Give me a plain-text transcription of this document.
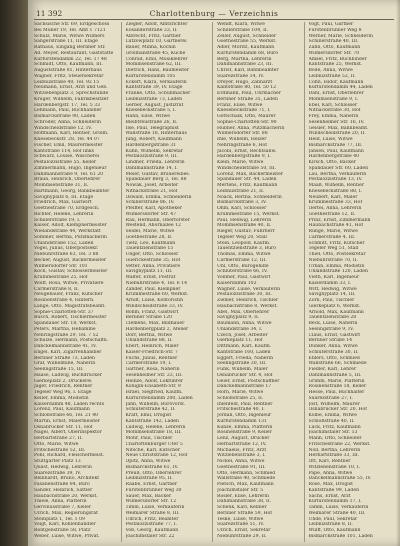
11 392	Charlottenburg — Verzeichnis
Sächsische Str. 69, Erdgeschoss
Bei Müller 19, Tel. Amt 1 7121
Schulz, Marie, Witwe Wilmers
Sängerstraße 11, III. Etage
Rathaus, Eingang Berliner Str.
Ad. Meyer, Restaurant, Gaststätte
Kurfürstendamm 22, Tel. 17 48
Schmidt, Otto, Kaufmann, III.
Auguststraße 81, Hinterhaus
Wagner, Fritz, Steuersekretär
Leibnizstraße 40, Tel. 92 15
Neumann, Ernst, Arzt und Geb.
Witzlebenplatz 3, Sprechstunde
Krüger, Wilhelm, Fabrikbesitzer
Hardenbergstr. 17, Tel. 5 33
Lehmann, Paul, Buchhändler
Bismarckstraße 90, Laden
Schröder, Anna, Schneiderin
Windscheidstraße 12, IV.
Hoffmann, Karl, Rentier, Grolm.
Knesebeckstr. 28, Tel. 44 07
Fischer, Emil, Maurermeister
Kantstraße 114, Hof links
Schwarz, Louise, Wäscherei
Pestalozzistraße 55, Keller
Zimmermann, Hugo, Ingenieur
Dahlmannstraße 9, Tel. 61 20
Braun, Heinrich, Oberlehrer
Mommsenstraße 31, II.
Hartmann, Georg, Bankbeamter
Savignyplatz 6, III. Etage
Friedrich, Max, Gastwirt
Goethestraße 70, Erdgesch.
Richter, Helene, Lehrerin
Schillerstraße 19, I.
Kaiser, Adolf, Klempnermeister
Wielandstraße 44, Werkstatt
Sommer, Bertha, Putzmacherin
Uhlandstraße 152, Laden
Vogel, Julius, Oberpostsekr.
Niebuhrstraße 63, Tel. 3 88
Becker, August, Bäckermeister
Wilmersdorfer Str. 101
Koch, Gustav, Schlossermeister
Krummestraße 25, Hof
Wolff, Rosa, Witwe, Privatiere
Carmerstraße 8, II.
Neugebauer, Franz, Kutscher
Rosinenstraße 4, Hinterh.
Lange, Otto, Magistratsbeamt.
Sophie-Charlotten-Str. 37
Busch, Robert, Tischlermeister
Spandauer Str. 18, Werkst.
Peters, Martha, Hebamme
Nehringstraße 29, Tel. 7 52
Schulze, Hermann, Postschaffn.
Danckelmannstraße 41, IV.
Engel, Karl, Zigarrenhändler
Berliner Straße 73, Laden
Graf, Wilhelmine, Näherin
Seelingstraße 15, III.
Haase, Ludwig, Buchdrucker
Gierkeplatz 2, Druckerei
Jäger, Friedrich, Rentner
Tegeler Weg 96, I. Etage
Keller, Emma, Modistin
Kaiserdamm 48, Laden rechts
Lorenz, Paul, Kaufmann
Schloßstraße 66, Tel. 21 40
Martin, Ernst, Malermeister
Osnabrücker Str. 11, Hof
Nagel, Albert, Oberinspektor
Herbartstraße 27, II.
Otto, Marie, Witwe
Fritschestraße 52, III.
Pohl, Richard, Fleischermeist.
Stuttgarter Platz 13
Quast, Hedwig, Lehrerin
Suarezstraße 39, IV.
Reinhardt, Bruno, Architekt
Fasanenstraße 84, Büro
Sander, Heinrich, Sattler
Haubachstraße 20, Werkst.
Thiele, Anna, Plätterin
Gervinusstraße 7, Keller
Ulrich, Max, Regierungsrat
Steinplatz 1, Tel. 1 09
Voigt, Karl, Kohlenhändler
Röntgenstraße 58, Platz
Weber, Luise, Witwe, Privat.
Ziegler, Adolf, Amtsrichter
Eosanderstraße 33, II.
Albrecht, Fritz, Gärtner
Lützowplatz 10, Gärtnerei
Bauer, Minna, Köchin
Grolmanstraße 45, Küche
Conrad, Emil, Musiklehrer
Mommsenstraße 62, III.
Dietrich, Hans, Baumeister
Kurfürstendamm 105
Eckert, Klara, Verkäuferin
Kantstraße 39, IV. Etage
Franke, Otto, Schuhmacher
Leibnizstraße 73, Laden
Gerber, August, Justizrat
Knesebeckstraße 5, I.
Hahn, Elise, Witwe
Bleibtreustraße 26, II.
Ilse, Paul, Telegraphist
Wallstraße 18, Hinterhaus
Jung, Robert, Kaufmann
Hardenbergstraße 31
Kühn, Wilhelm, Sekretär
Pestalozzistraße 9, III.
Lindner, Frieda, Lehrerin
Dahlmannstraße 14, I.
Meier, Gustav, Brauereibes.
Spandauer Berg 3, Tel. 88
Nowak, Josef, Arbeiter
Nithackstraße 21, Hof
Oswald, Emma, Schneiderin
Schillerstraße 86, IV.
Pfeiffer, Karl, Apotheker
Wilmersdorfer Str. 47
Rau, Hermann, Oberförster
Westend, Ahornallee 12
Seidel, Marie, Witwe
Goethestraße 28, II.
Tietz, Leo, Kaufmann
Tauentzienstraße 15
Unger, Otto, Schlosser
Guerickestraße 35, Hof
Vetter, Anna, Privatiere
Savignyplatz 11, III.
Walter, Ernst, Postrat
Niebuhrstraße 4, Tel. 6 14
Zander, Paul, Klempner
Krummestraße 60, Werkst.
Arndt, Luise, Kontoristin
Windscheidstraße 33, IV.
Böhm, Franz, Gastwirt
Berliner Straße 120
Clemens, Max, Bildhauer
Hardenbergplatz 2, Atelier
Dörr, Bertha, Witwe
Uhlandstraße 88, II.
Ebert, Heinrich, Maler
Kaiser-Friedrich-Str. 7
Fuchs, Julius, Rentner
Carmerstraße 19, I.
Gärtner, Rosa, Näherin
Sesenheimer Str. 23, III.
Heinze, Adolf, Lokführer
Königin-Elisabeth-Str. 9
Israel, Siegfried, Kaufm.
Kurfürstendamm 200, Laden
Jahn, Wilhelm, Bürovorst.
Schlüterstraße 42, II.
Kraft, Emil, Drogist
Kantstraße 142, Laden
Ludwig, Helene, Lehrerin
Mommsenstraße 18, III.
Mohr, Paul, Tischler
Charlottenburger Ufer 5
Nitsche, Karl, Kutscher
Neue Christstraße 12, Hof
Opitz, Anna, Witwe
Bismarckstraße 61, IV.
Preuß, Otto, Oberlehrer
Leibnizstraße 95, II.
Raabe, Ernst, Gärtner
Fürstenbrunner Weg 30
Sauer, Max, Bäcker
Wilmersdorfer Str. 12
Timm, Luise, Verkäuferin
Weimarer Straße 8, III.
Ullrich, Fritz, Beamter
Pestalozzistraße 77, I.
Voß, Georg, Kaufmann
Joachimstaler Str. 22
Wendt, Klara, Witwe
Schillerstraße 104, II.
Zeller, August, Schneider
Goethestraße 55, Werkst.
Adler, Moritz, Kaufmann
Kurfürstendamm 68, Büro
Berg, Martha, Lehrerin
Dahlmannstraße 23, III.
Christ, Karl, Bahnbeamter
Suarezstraße 14, IV.
Dreyer, Hugo, Zahnarzt
Kantstraße 80, Tel. 50 12
Erdmann, Paul, Uhrmacher
Berliner Straße 35, Laden
Franz, Elise, Witwe
Knesebeckstraße 71, I.
Gottschalk, Otto, Maurer
Sophie-Charlotten-Str. 90
Hübner, Anna, Putzmacherin
Wilmersdorfer Str. 88
Ihle, Wilhelm, Heizer
Nehringstraße 6, Hof
Jacobi, Ernst, Rechtsanw.
Hardenbergstraße 9, I.
Klein, Marie, Witwe
Windscheidstraße 50, III.
Lorenz, Max, Bäckermeister
Spandauer Str. 44, Laden
Mertens, Fritz, Kaufmann
Leibnizstraße 21, II.
Noack, Bertha, Schneiderin
Bismarckstraße 3, IV.
Ohm, Karl, Schlosser
Krummestraße 15, Werkst.
Paul, Hedwig, Lehrerin
Mommsenstraße 40, II.
Rieger, Gustav, Fuhrherr
Tegeler Weg 20, Stall
Stein, Leopold, Kaufm.
Tauentzienstraße 3, Büro
Thomas, Emma, Witwe
Carmerstraße 12, III.
Uhl, Otto, Bürogehilfe
Schlüterstraße 66, IV.
Vollmer, Paul, Gastwirt
Kaiserdamm 102
Wagner, Luise, Verkäuferin
Pestalozzistraße 30, III.
Ziemer, Heinrich, Tischler
Haubachstraße 8, Werkst.
Abel, Max, Oberlehrer
Savignyplatz 9, II.
Baumann, Anna, Witwe
Uhlandstraße 34, I.
Czech, Josef, Arbeiter
Gierkeplatz 11, Hof
Dittmann, Karl, Kaufm.
Kantstraße 160, Laden
Eggert, Frieda, Näherin
Seelingstraße 30, III.
Funk, Wilhelm, Maler
Osnabrücker Str. 4, Hof
Geier, Ernst, Postschaffner
Danckelmannstraße 17
Horn, Marie, Witwe
Schloßstraße 25, II.
Ihlenfeld, Paul, Rentner
Fritschestraße 40, I.
Jordan, Otto, Ingenieur
Kurfürstendamm 131
Kunze, Emma, Plätterin
Rosinenstraße 9, Keller
Lenz, August, Drucker
Herbartstraße 12, IV.
Michaelis, Fritz, Arzt
Witzlebenstraße 3, I.
Nickel, Anna, Witwe
Goethestraße 91, III.
Otto, Hermann, Schmied
Wallstraße 40, Schmiede
Pietsch, Max, Kaufmann
Joachimstaler Str. 5
Rösler, Elise, Lehrerin
Dahlmannstraße 38, II.
Schenk, Karl, Kellner
Berliner Straße 59, Hof
Teske, Luise, Witwe
Suarezstraße 51, IV.
Ulrich, Ernst, Sekretär
Niebuhrstraße 29, II.
Vogt, Paul, Gärtner
Fürstenbrunner Weg 8
Werner, Marie, Schneiderin
Schillerstraße 40, III.
Zahn, Otto, Kaufmann
Wilmersdorfer Str. 70
Amsel, Fritz, Buchbinder
Kantstraße 25, Werkst.
Bode, Anna, Witwe
Leibnizstraße 52, II.
Cohn, Isidor, Kaufmann
Kurfürstendamm 44, Laden
Dahl, Ernst, Oberlehrer
Mommsenstraße 9, I.
Ebel, Karl, Schlosser
Nithackstraße 30, Hof
Frey, Emma, Näherin
Sesenheimer Str. 16, IV.
Geisler, Max, Bahnbeamt.
Windscheidstraße 20, II.
Held, Luise, Witwe
Bismarckstraße 77, III.
Jansen, Paul, Kaufmann
Hardenbergstraße 40
Kirsch, Otto, Bäcker
Spandauer Str. 60, Laden
Lau, Bertha, Verkäuferin
Pestalozzistraße 13, IV.
Maaß, Wilhelm, Rentier
Knesebeckstraße 88, I.
Neubert, Karl, Maler
Krummestraße 33, Hof
Oertel, Anna, Lehrerin
Goethestraße 12, II.
Prinz, Ernst, Zimmermann
Haubachstraße 41, Hof
Runge, Marie, Witwe
Carmerstraße 4, III.
Schmitt, Fritz, Kutscher
Tegeler Weg 51, Stall
Thiel, Otto, Postsekretär
Niebuhrstraße 70, II.
Urban, Emma, Modistin
Uhlandstraße 120, Laden
Vieth, Karl, Ingenieur
Kaiserdamm 33, I.
Witt, Hedwig, Witwe
Savignyplatz 14, III.
Zorn, Paul, Tischler
Gierkeplatz 6, Werkst.
Arnold, Max, Kaufmann
Tauentzienstraße 28
Beck, Luise, Näherin
Seelingstraße 9, IV.
Claus, Ernst, Gastwirt
Berliner Straße 14
Dunker, Anna, Witwe
Schlüterstraße 30, II.
Ehlers, Otto, Schmied
Wallstraße 66, Schmiede
Fiedler, Karl, Lehrer
Dahlmannstraße 5, III.
Grimm, Marie, Plätterin
Rosinenstraße 18, Keller
Hesse, Paul, Buchhalter
Suarezstraße 27, I.
Jost, Wilhelm, Maurer
Osnabrücker Str. 20, Hof
Kolbe, Emma, Witwe
Schloßstraße 40, II.
Lück, Fritz, Kaufmann
Joachimstaler Str. 13
Mann, Otto, Schneider
Fritschestraße 22, Werkst.
Noll, Bertha, Lehrerin
Herbartstraße 33, III.
Ott, Karl, Rentner
Witzlebenstraße 10, I.
Pape, Anna, Witwe
Danckelmannstraße 55, IV.
Rose, Max, Drogist
Kantstraße 99, Laden
Sachs, Ernst, Arzt
Kurfürstendamm 17, I.
Tamm, Luise, Verkäuferin
Weimarer Straße 40, III.
Uhde, Paul, Sekretär
Leibnizstraße 8, II.
Wulff, Otto, Kaufmann
Bismarckstraße 101, Laden
